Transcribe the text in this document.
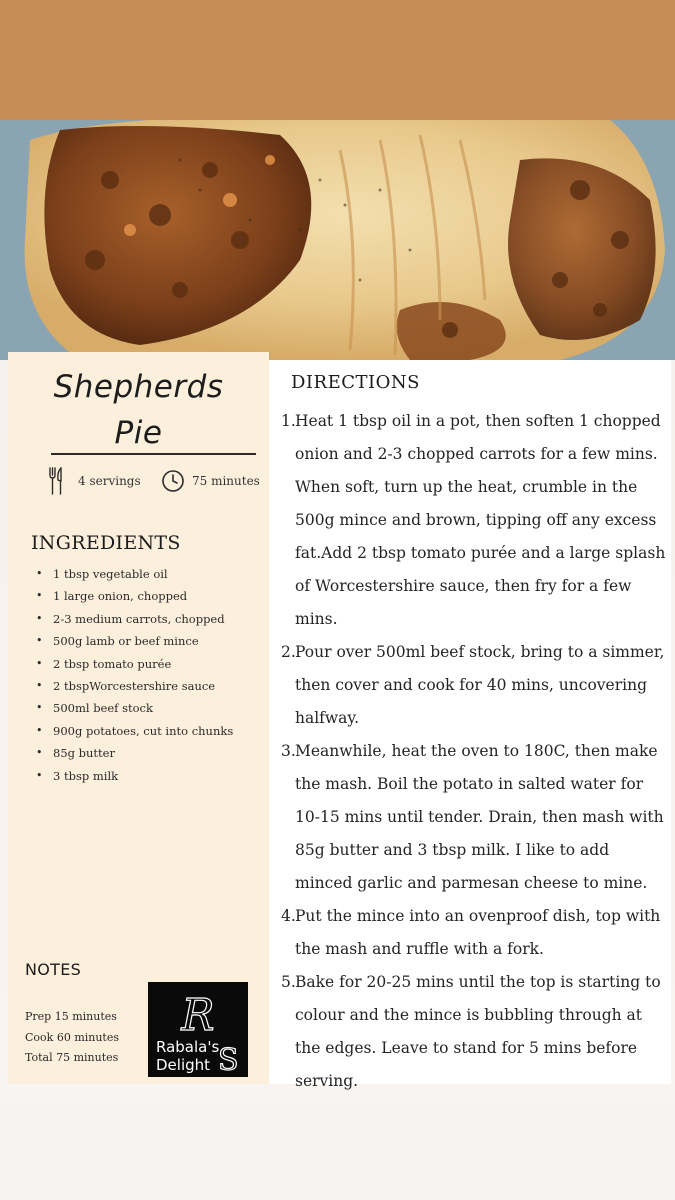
Shepherds
Pie
4 servings	75 minutes
INGREDIENTS
• 1 tbsp vegetable oil
• 1 large onion, chopped
• 2-3 medium carrots, chopped
• 500g lamb or beef mince
• 2 tbsp tomato purée
• 2 tbspWorcestershire sauce
• 500ml beef stock
• 900g potatoes, cut into chunks
• 85g butter
• 3 tbsp milk
NOTES
Prep 15 minutes
Cook 60 minutes
Total 75 minutes
R
Rabala's
Delight S
DIRECTIONS
1. Heat 1 tbsp oil in a pot, then soften 1 chopped onion and 2-3 chopped carrots for a few mins. When soft, turn up the heat, crumble in the 500g mince and brown, tipping off any excess fat.Add 2 tbsp tomato purée and a large splash of Worcestershire sauce, then fry for a few mins.
2. Pour over 500ml beef stock, bring to a simmer, then cover and cook for 40 mins, uncovering halfway.
3. Meanwhile, heat the oven to 180C, then make the mash. Boil the potato in salted water for 10-15 mins until tender. Drain, then mash with 85g butter and 3 tbsp milk. I like to add minced garlic and parmesan cheese to mine.
4. Put the mince into an ovenproof dish, top with the mash and ruffle with a fork.
5. Bake for 20-25 mins until the top is starting to colour and the mince is bubbling through at the edges. Leave to stand for 5 mins before serving.
